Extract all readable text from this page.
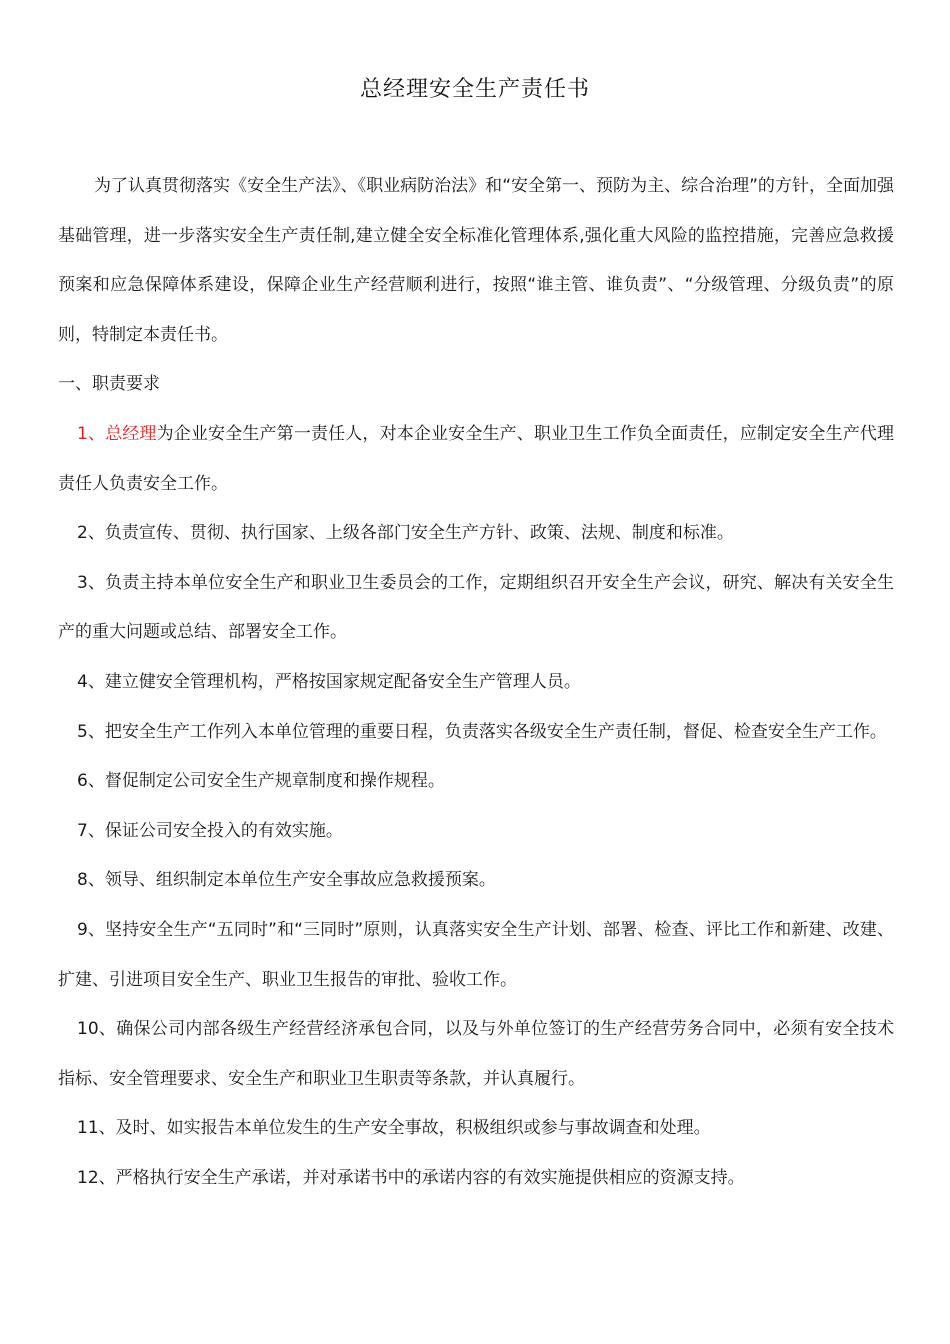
总经理安全生产责任书

为了认真贯彻落实《安全生产法》、《职业病防治法》和“安全第一、预防为主、综合治理”的方针，全面加强基础管理，进一步落实安全生产责任制,建立健全安全标准化管理体系,强化重大风险的监控措施，完善应急救援预案和应急保障体系建设，保障企业生产经营顺利进行，按照“谁主管、谁负责”、“分级管理、分级负责”的原则，特制定本责任书。

一、职责要求

1、总经理为企业安全生产第一责任人，对本企业安全生产、职业卫生工作负全面责任，应制定安全生产代理责任人负责安全工作。

2、负责宣传、贯彻、执行国家、上级各部门安全生产方针、政策、法规、制度和标准。

3、负责主持本单位安全生产和职业卫生委员会的工作，定期组织召开安全生产会议，研究、解决有关安全生产的重大问题或总结、部署安全工作。

4、建立健安全管理机构，严格按国家规定配备安全生产管理人员。

5、把安全生产工作列入本单位管理的重要日程，负责落实各级安全生产责任制，督促、检查安全生产工作。

6、督促制定公司安全生产规章制度和操作规程。

7、保证公司安全投入的有效实施。

8、领导、组织制定本单位生产安全事故应急救援预案。

9、坚持安全生产“五同时”和“三同时”原则，认真落实安全生产计划、部署、检查、评比工作和新建、改建、扩建、引进项目安全生产、职业卫生报告的审批、验收工作。

10、确保公司内部各级生产经营经济承包合同，以及与外单位签订的生产经营劳务合同中，必须有安全技术指标、安全管理要求、安全生产和职业卫生职责等条款，并认真履行。

11、及时、如实报告本单位发生的生产安全事故，积极组织或参与事故调查和处理。

12、严格执行安全生产承诺，并对承诺书中的承诺内容的有效实施提供相应的资源支持。
